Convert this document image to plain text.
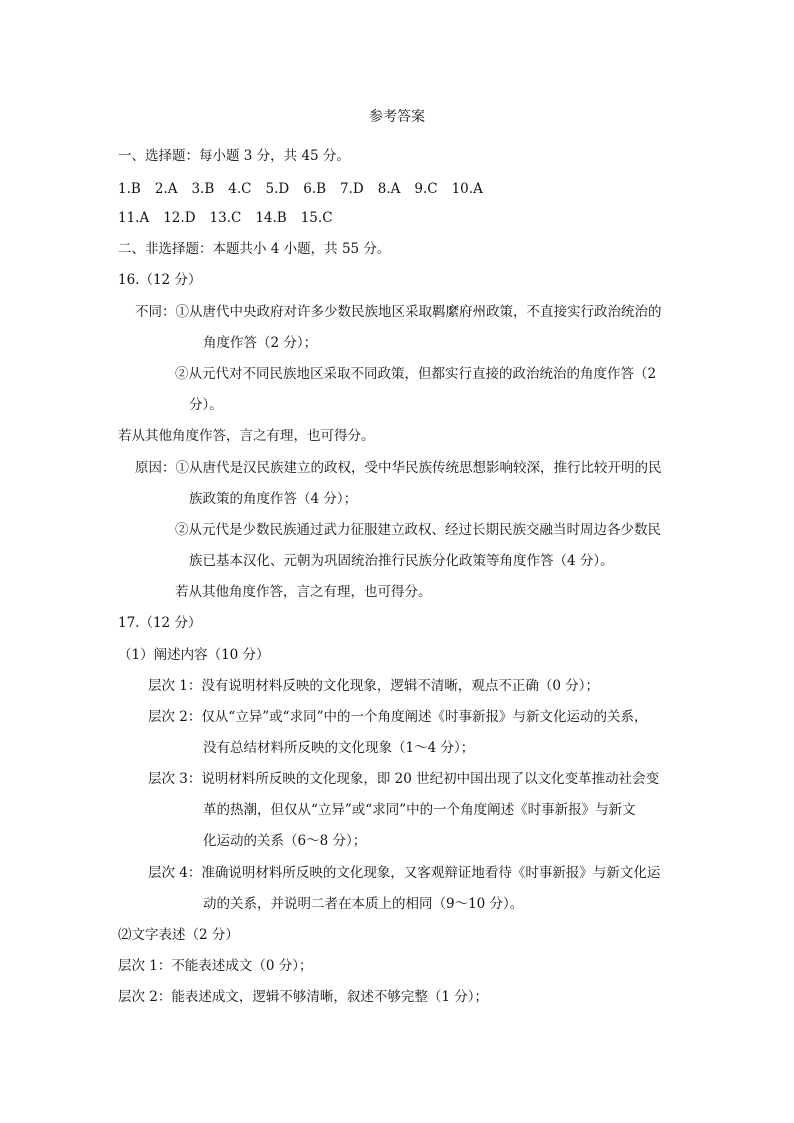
参考答案
一、选择题：每小题 3 分，共 45 分。
1.B 2.A 3.B 4.C 5.D 6.B 7.D 8.A 9.C 10.A
11.A 12.D 13.C 14.B 15.C
二、非选择题：本题共小 4 小题，共 55 分。
16.（12 分）
不同：①从唐代中央政府对许多少数民族地区采取羁縻府州政策，不直接实行政治统治的
角度作答（2 分）；
②从元代对不同民族地区采取不同政策，但都实行直接的政治统治的角度作答（2
分）。
若从其他角度作答，言之有理，也可得分。
原因：①从唐代是汉民族建立的政权，受中华民族传统思想影响较深，推行比较开明的民
族政策的角度作答（4 分）；
②从元代是少数民族通过武力征服建立政权、经过长期民族交融当时周边各少数民
族已基本汉化、元朝为巩固统治推行民族分化政策等角度作答（4 分）。
若从其他角度作答，言之有理，也可得分。
17.（12 分）
（1）阐述内容（10 分）
层次 1：没有说明材料反映的文化现象，逻辑不清晰，观点不正确（0 分）；
层次 2：仅从“立异”或“求同”中的一个角度阐述《时事新报》与新文化运动的关系，
没有总结材料所反映的文化现象（1～4 分）；
层次 3：说明材料所反映的文化现象，即 20 世纪初中国出现了以文化变革推动社会变
革的热潮，但仅从“立异”或“求同”中的一个角度阐述《时事新报》与新文
化运动的关系（6～8 分）；
层次 4：准确说明材料所反映的文化现象，又客观辩证地看待《时事新报》与新文化运
动的关系，并说明二者在本质上的相同（9～10 分）。
⑵文字表述（2 分）
层次 1：不能表述成文（0 分）；
层次 2：能表述成文，逻辑不够清晰，叙述不够完整（1 分）；
